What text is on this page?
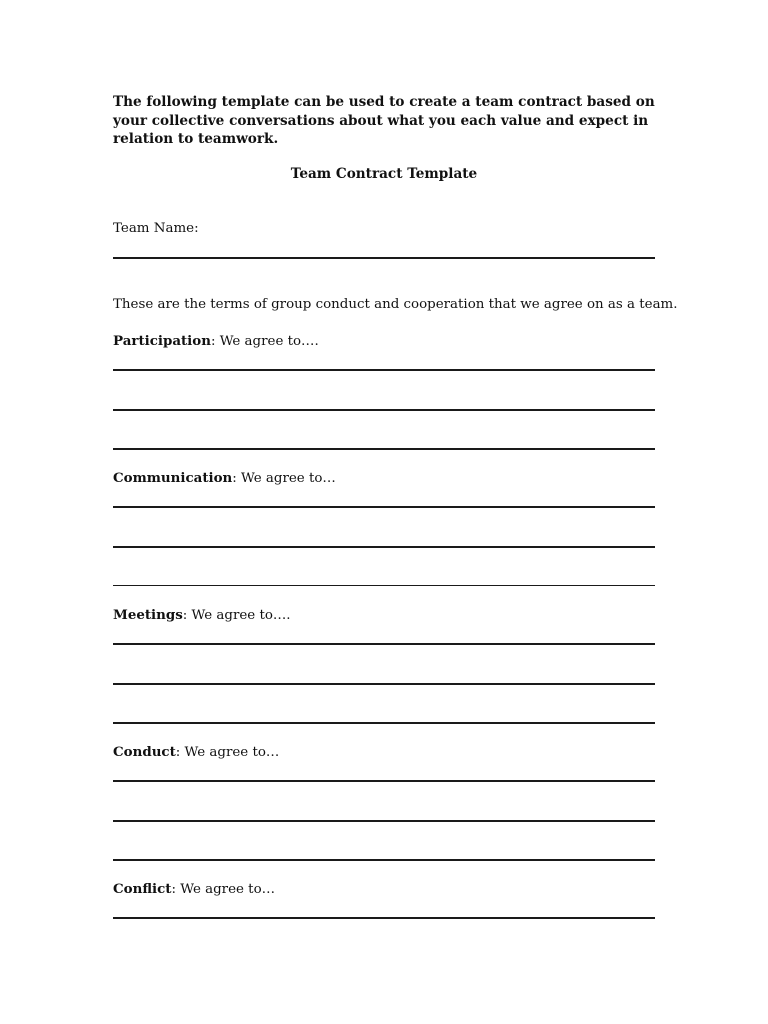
The following template can be used to create a team contract based on your collective conversations about what you each value and expect in relation to teamwork.
Team Contract Template
Team Name:
These are the terms of group conduct and cooperation that we agree on as a team.
Participation: We agree to….
Communication: We agree to…
Meetings: We agree to….
Conduct: We agree to…
Conflict: We agree to…
